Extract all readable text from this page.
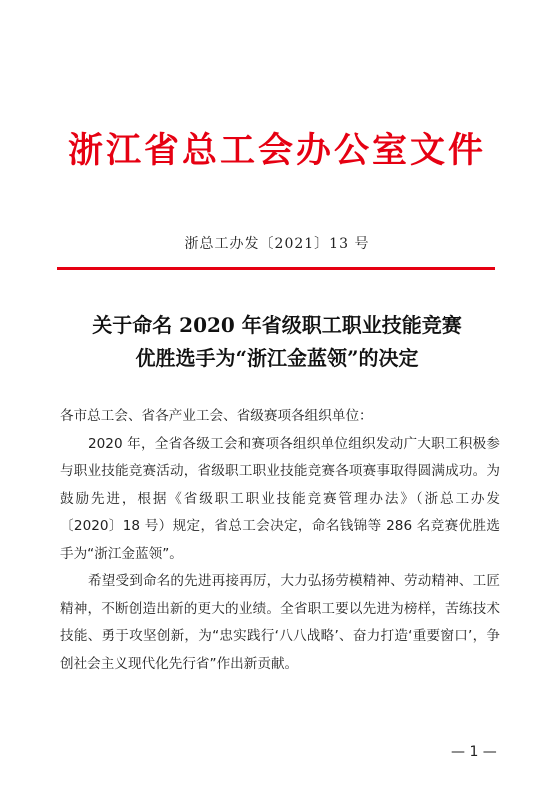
浙江省总工会办公室文件
浙总工办发〔2021〕13 号
关于命名 2020 年省级职工职业技能竞赛
优胜选手为“浙江金蓝领”的决定

各市总工会、省各产业工会、省级赛项各组织单位：

2020 年，全省各级工会和赛项各组织单位组织发动广大职工积极参与职业技能竞赛活动，省级职工职业技能竞赛各项赛事取得圆满成功。为鼓励先进，根据《省级职工职业技能竞赛管理办法》（浙总工办发〔2020〕18 号）规定，省总工会决定，命名钱锦等 286 名竞赛优胜选手为“浙江金蓝领”。

希望受到命名的先进再接再厉，大力弘扬劳模精神、劳动精神、工匠精神，不断创造出新的更大的业绩。全省职工要以先进为榜样，苦练技术技能、勇于攻坚创新，为“忠实践行‘八八战略’、奋力打造‘重要窗口’，争创社会主义现代化先行省”作出新贡献。

— 1 —
